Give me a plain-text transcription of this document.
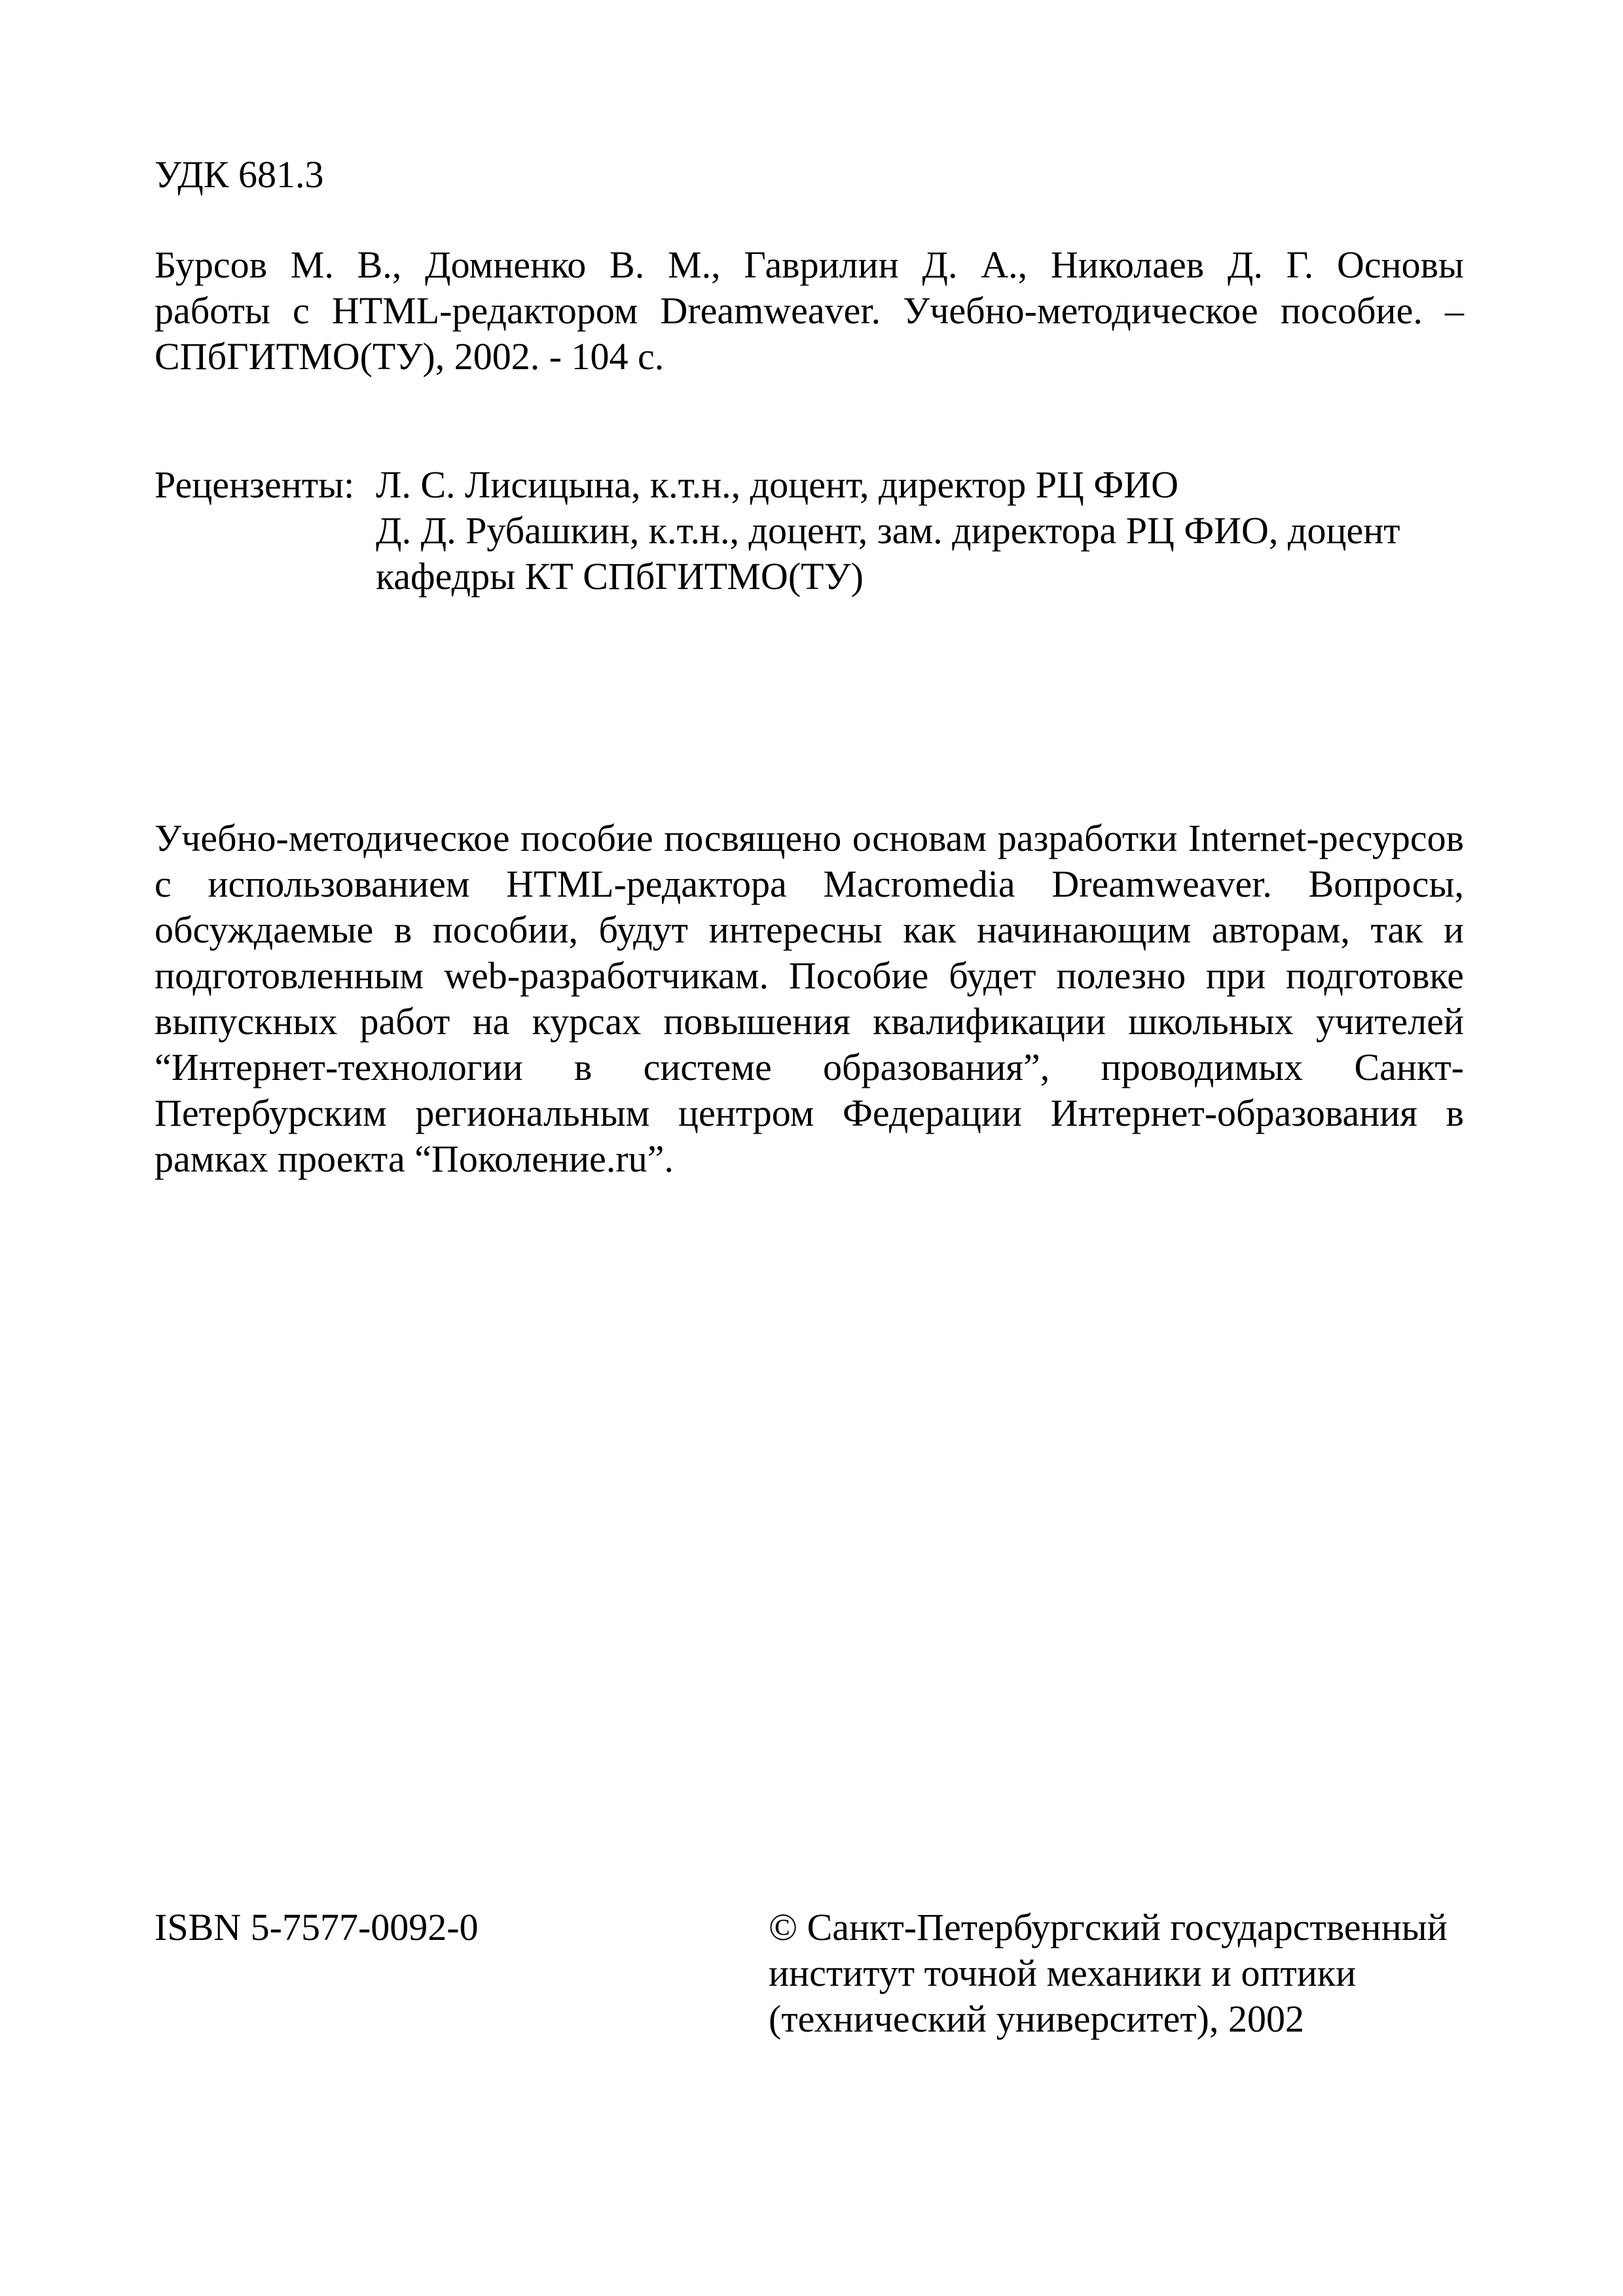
УДК 681.3
Бурсов М. В., Домненко В. М., Гаврилин Д. А., Николаев Д. Г. Основы
работы с HTML-редактором Dreamweaver. Учебно-методическое пособие. –
СПбГИТМО(ТУ), 2002. - 104 с.
Рецензенты: Л. С. Лисицына, к.т.н., доцент, директор РЦ ФИО
Д. Д. Рубашкин, к.т.н., доцент, зам. директора РЦ ФИО, доцент
кафедры КТ СПбГИТМО(ТУ)
Учебно-методическое пособие посвящено основам разработки Internet-ресурсов
с использованием HTML-редактора Macromedia Dreamweaver. Вопросы,
обсуждаемые в пособии, будут интересны как начинающим авторам, так и
подготовленным web-разработчикам. Пособие будет полезно при подготовке
выпускных работ на курсах повышения квалификации школьных учителей
“Интернет-технологии в системе образования”, проводимых Санкт-
Петербурским региональным центром Федерации Интернет-образования в
рамках проекта “Поколение.ru”.
ISBN 5-7577-0092-0	© Санкт-Петербургский государственный
институт точной механики и оптики
(технический университет), 2002
